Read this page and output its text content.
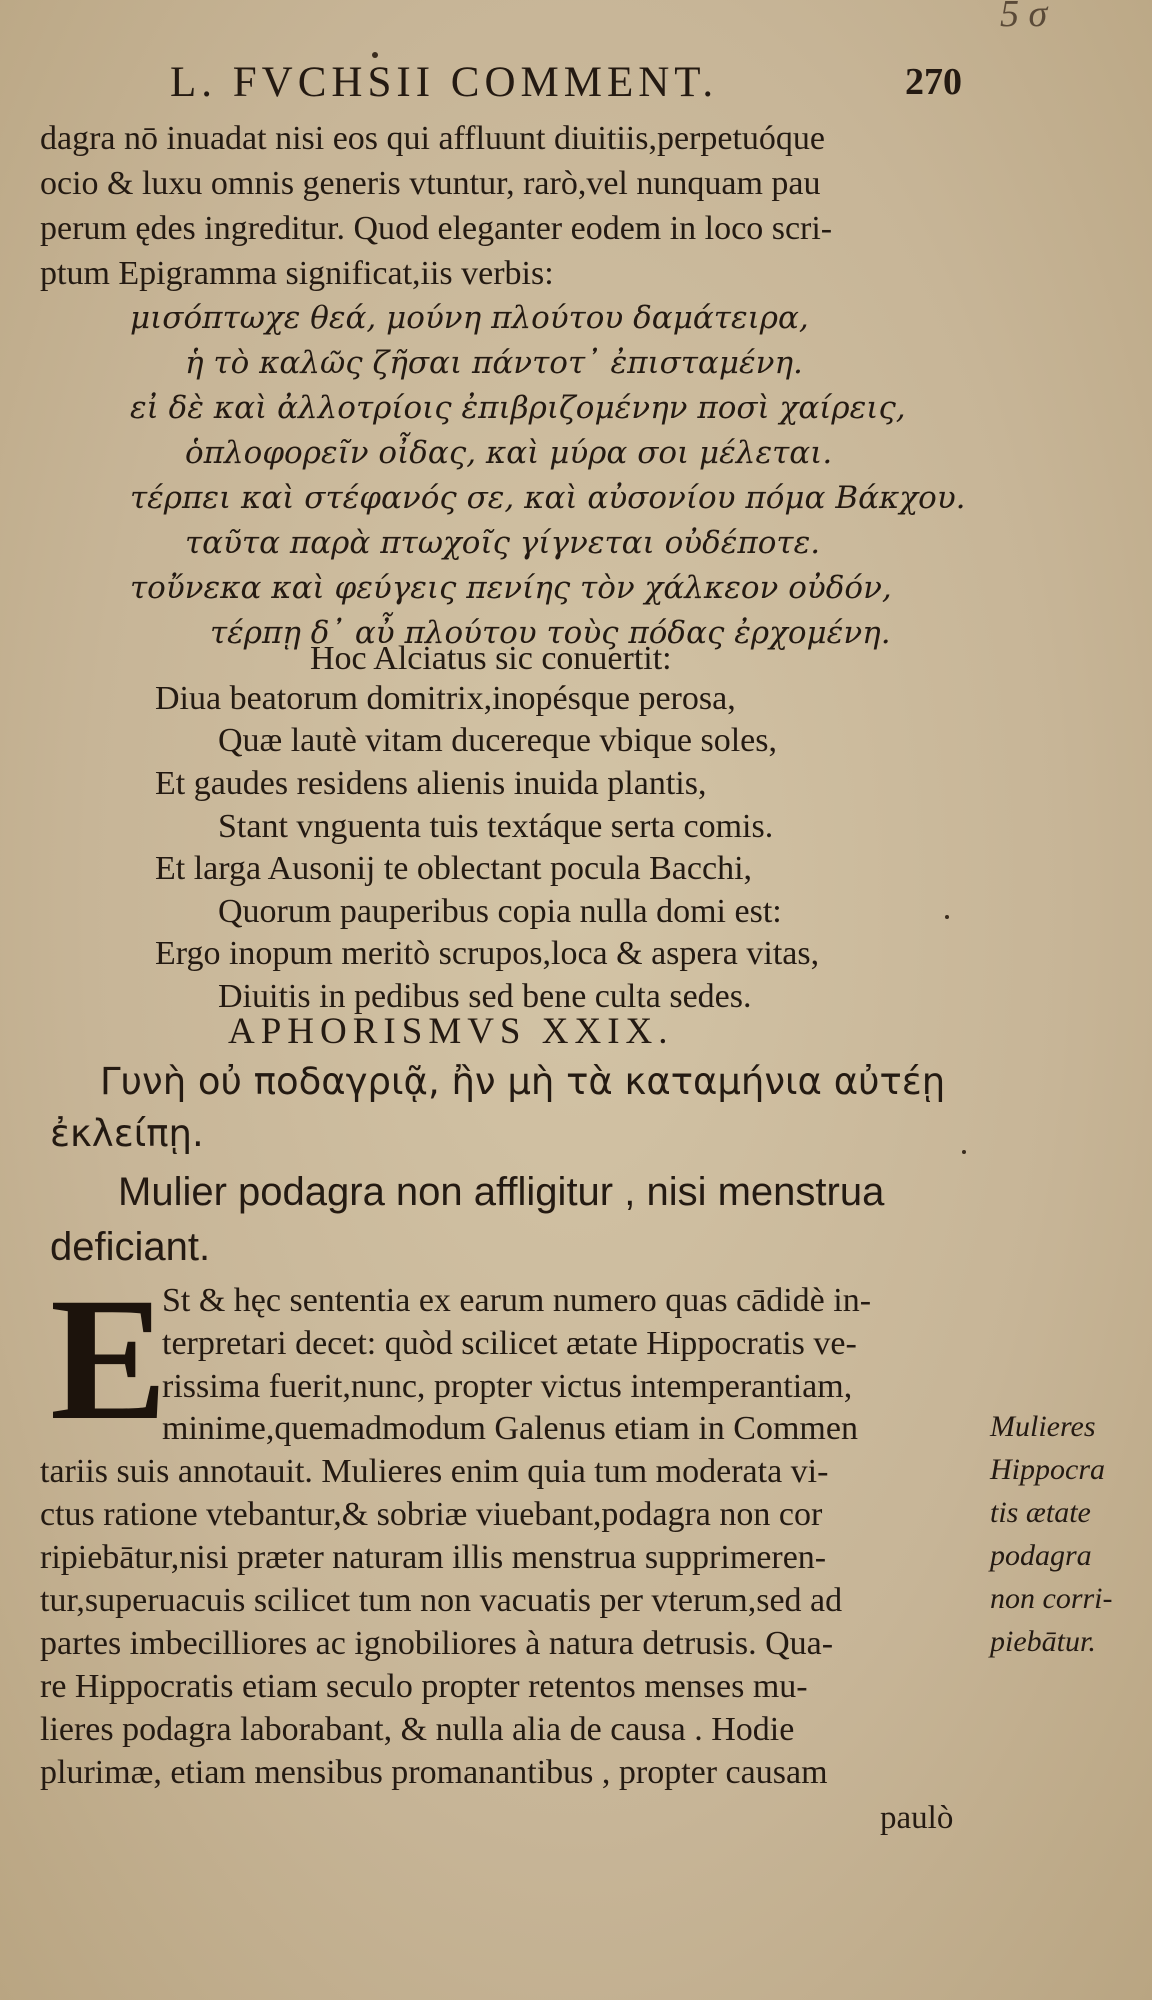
5 σ
L. FVCHSII COMMENT.	270
dagra nō inuadat nisi eos qui affluunt diuitiis,perpetuóque
ocio & luxu omnis generis vtuntur, rarò,vel nunquam pau
perum ędes ingreditur. Quod eleganter eodem in loco scri-
ptum Epigramma significat,iis verbis:
μισόπτωχε θεά, μούνη πλούτου δαμάτειρα,
ἡ τὸ καλῶς ζῆσαι πάντοτ᾽ ἐπισταμένη.
εἰ δὲ καὶ ἀλλοτρίοις ἐπιβριζομένην ποσὶ χαίρεις,
ὁπλοφορεῖν οἶδας, καὶ μύρα σοι μέλεται.
τέρπει καὶ στέφανός σε, καὶ αὐσονίου πόμα Βάκχου.
ταῦτα παρὰ πτωχοῖς γίγνεται οὐδέποτε.
τοὔνεκα καὶ φεύγεις πενίης τὸν χάλκεον οὐδόν,
τέρπῃ δ᾽ αὖ πλούτου τοὺς πόδας ἐρχομένη.
Hoc Alciatus sic conuertit:
Diua beatorum domitrix,inopésque perosa,
Quæ lautè vitam ducereque vbique soles,
Et gaudes residens alienis inuida plantis,
Stant vnguenta tuis textáque serta comis.
Et larga Ausonij te oblectant pocula Bacchi,
Quorum pauperibus copia nulla domi est:
Ergo inopum meritò scrupos,loca & aspera vitas,
Diuitis in pedibus sed bene culta sedes.
APHORISMVS XXIX.
Γυνὴ οὐ ποδαγριᾷ, ἢν μὴ τὰ καταμήνια αὐτέῃ
ἐκλείπῃ.
Mulier podagra non affligitur , nisi menstrua
deficiant.
E
St & hęc sententia ex earum numero quas cādidè in-
terpretari decet: quòd scilicet ætate Hippocratis ve-
rissima fuerit,nunc, propter victus intemperantiam,
minime,quemadmodum Galenus etiam in Commen
tariis suis annotauit. Mulieres enim quia tum moderata vi-
ctus ratione vtebantur,& sobriæ viuebant,podagra non cor
ripiebātur,nisi præter naturam illis menstrua supprimeren-
tur,superuacuis scilicet tum non vacuatis per vterum,sed ad
partes imbecilliores ac ignobiliores à natura detrusis. Qua-
re Hippocratis etiam seculo propter retentos menses mu-
lieres podagra laborabant, & nulla alia de causa . Hodie
plurimæ, etiam mensibus promanantibus , propter causam
paulò
Mulieres
Hippocra
tis ætate
podagra
non corri-
piebātur.
